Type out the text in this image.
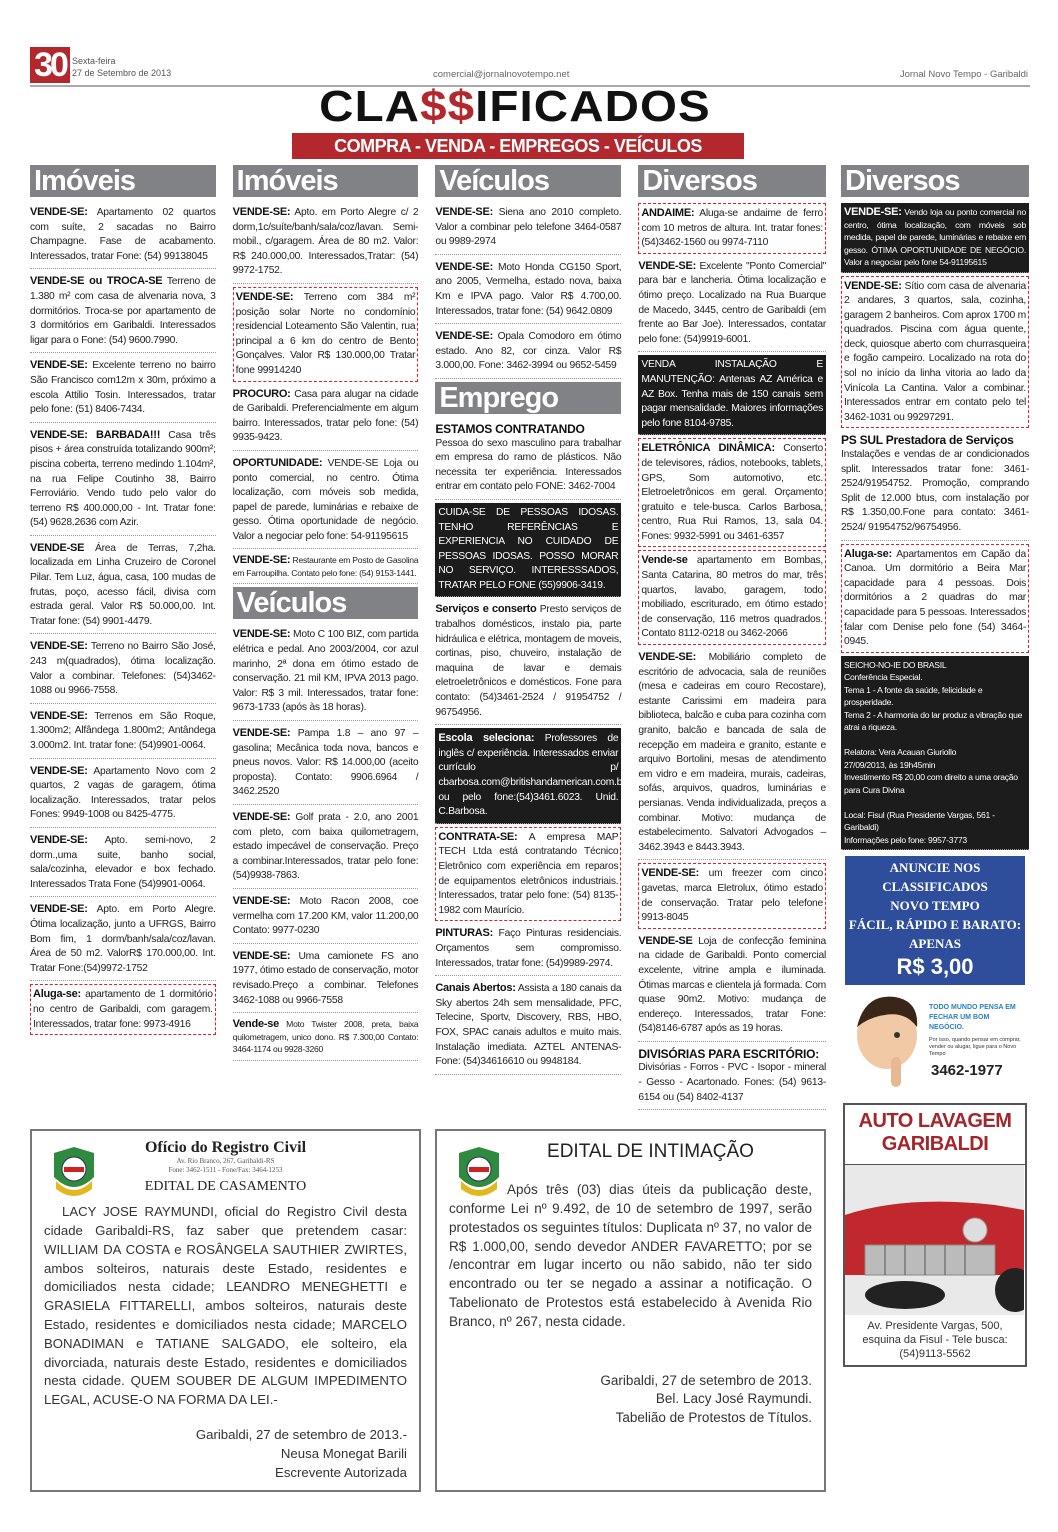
30 Sexta-feira
27 de Setembro de 2013	comercial@jornalnovotempo.net	Jornal Novo Tempo - Garibaldi
CLA$$IFICADOS
COMPRA - VENDA - EMPREGOS - VEÍCULOS
Imóveis
VENDE-SE: Apartamento 02 quartos com suíte, 2 sacadas no Bairro Champagne. Fase de acabamento. Interessados, tratar Fone: (54) 99138045
VENDE-SE ou TROCA-SE Terreno de 1.380 m² com casa de alvenaria nova, 3 dormitórios. Troca-se por apartamento de 3 dormitórios em Garibaldi. Interessados ligar para o Fone: (54) 9600.7990.
VENDE-SE: Excelente terreno no bairro São Francisco com12m x 30m, próximo a escola Attilio Tosin. Interessados, tratar pelo fone: (51) 8406-7434.
VENDE-SE: BARBADA!!! Casa três pisos + área construída totalizando 900m²; piscina coberta, terreno medindo 1.104m², na rua Felipe Coutinho 38, Bairro Ferroviário. Vendo tudo pelo valor do terreno R$ 400.000,00 - Int. Tratar fone: (54) 9628.2636 com Azir.
VENDE-SE Área de Terras, 7,2ha. localizada em Linha Cruzeiro de Coronel Pilar. Tem Luz, água, casa, 100 mudas de frutas, poço, acesso fácil, divisa com estrada geral. Valor R$ 50.000,00. Int. Tratar fone: (54) 9901-4479.
VENDE-SE: Terreno no Bairro São José, 243 m(quadrados), ótima localização. Valor a combinar. Telefones: (54)3462-1088 ou 9966-7558.
VENDE-SE: Terrenos em São Roque, 1.300m2; Alfândega 1.800m2; Antândega 3.000m2. Int. tratar fone: (54)9901-0064.
VENDE-SE: Apartamento Novo com 2 quartos, 2 vagas de garagem, ótima localização. Interessados, tratar pelos Fones: 9949-1008 ou 8425-4775.
VENDE-SE: Apto. semi-novo, 2 dorm.,uma suite, banho social, sala/cozinha, elevador e box fechado. Interessados Trata Fone (54)9901-0064.
VENDE-SE: Apto. em Porto Alegre. Ótima localização, junto a UFRGS, Bairro Bom fim, 1 dorm/banh/sala/coz/lavan. Área de 50 m2. ValorR$ 170.000,00. Int. Tratar Fone:(54)9972-1752
Aluga-se: apartamento de 1 dormitório no centro de Garibaldi, com garagem. Interessados, tratar fone: 9973-4916
Imóveis
VENDE-SE: Apto. em Porto Alegre c/ 2 dorm,1c/suíte/banh/sala/coz/lavan. Semi-mobil., c/garagem. Área de 80 m2. Valor: R$ 240.000,00. Interessados,Tratar: (54) 9972-1752.
VENDE-SE: Terreno com 384 m² posição solar Norte no condomínio residencial Loteamento São Valentin, rua principal a 6 km do centro de Bento Gonçalves. Valor R$ 130.000,00 Tratar fone 99914240
PROCURO: Casa para alugar na cidade de Garibaldi. Preferencialmente em algum bairro. Interessados, tratar pelo fone: (54) 9935-9423.
OPORTUNIDADE: VENDE-SE Loja ou ponto comercial, no centro. Ótima localização, com móveis sob medida, papel de parede, luminárias e rebaixe de gesso. Ótima oportunidade de negócio. Valor a negociar pelo fone: 54-91195615
VENDE-SE: Restaurante em Posto de Gasolina em Farroupilha. Contato pelo fone: (54) 9153-1441.
Veículos
VENDE-SE: Moto C 100 BIZ, com partida elétrica e pedal. Ano 2003/2004, cor azul marinho, 2ª dona em ótimo estado de conservação. 21 mil KM, IPVA 2013 pago. Valor: R$ 3 mil. Interessados, tratar fone: 9673-1733 (após às 18 horas).
VENDE-SE: Pampa 1.8 – ano 97 – gasolina; Mecânica toda nova, bancos e pneus novos. Valor: R$ 14.000,00 (aceito proposta). Contato: 9906.6964 / 3462.2520
VENDE-SE: Golf prata - 2.0, ano 2001 com pleto, com baixa quilometragem, estado impecável de conservação. Preço a combinar.Interessados, tratar pelo fone: (54)9938-7863.
VENDE-SE: Moto Racon 2008, coe vermelha com 17.200 KM, valor 11.200,00 Contato: 9977-0230
VENDE-SE: Uma camionete FS ano 1977, ótimo estado de conservação, motor revisado.Preço a combinar. Telefones 3462-1088 ou 9966-7558
Vende-se Moto Twister 2008, preta, baixa quilometragem, unico dono. R$ 7.300,00 Contato: 3464-1174 ou 9928-3260
Veículos
VENDE-SE: Siena ano 2010 completo. Valor a combinar pelo telefone 3464-0587 ou 9989-2974
VENDE-SE: Moto Honda CG150 Sport, ano 2005, Vermelha, estado nova, baixa Km e IPVA pago. Valor R$ 4.700,00. Interessados, tratar fone: (54) 9642.0809
VENDE-SE: Opala Comodoro em ótimo estado. Ano 82, cor cinza. Valor R$ 3.000,00. Fone: 3462-3994 ou 9652-5459
Emprego
ESTAMOS CONTRATANDO
Pessoa do sexo masculino para trabalhar em empresa do ramo de plásticos. Não necessita ter experiência. Interessados entrar em contato pelo FONE: 3462-7004
CUIDA-SE DE PESSOAS IDOSAS. TENHO REFERÊNCIAS E EXPERIENCIA NO CUIDADO DE PESSOAS IDOSAS. POSSO MORAR NO SERVIÇO. INTERESSSADOS, TRATAR PELO FONE (55)9906-3419.
Serviços e conserto Presto serviços de trabalhos domésticos, instalo pia, parte hidráulica e elétrica, montagem de moveis, cortinas, piso, chuveiro, instalação de maquina de lavar e demais eletroeletrônicos e domésticos. Fone para contato: (54)3461-2524 / 91954752 / 96754956.
Escola seleciona: Professores de inglês c/ experiência. Interessados enviar currículo p/ cbarbosa.com@britishandamerican.com.br ou pelo fone:(54)3461.6023. Unid. C.Barbosa.
CONTRATA-SE: A empresa MAP TECH Ltda está contratando Técnico Eletrônico com experiência em reparos de equipamentos eletrônicos industriais. Interessados, tratar pelo fone: (54) 8135-1982 com Maurício.
PINTURAS: Faço Pinturas residenciais. Orçamentos sem compromisso. Interessados, tratar fone: (54)9989-2974.
Canais Abertos: Assista a 180 canais da Sky abertos 24h sem mensalidade, PFC, Telecine, Sportv, Discovery, RBS, HBO, FOX, SPAC canais adultos e muito mais. Instalação imediata. AZTEL ANTENAS- Fone: (54)34616610 ou 9948184.
Diversos
ANDAIME: Aluga-se andaime de ferro com 10 metros de altura. Int. tratar fones: (54)3462-1560 ou 9974-7110
VENDE-SE: Excelente "Ponto Comercial" para bar e lancheria. Ótima localização e ótimo preço. Localizado na Rua Buarque de Macedo, 3445, centro de Garibaldi (em frente ao Bar Joe). Interessados, contatar pelo fone: (54)9919-6001.
VENDA INSTALAÇÃO E MANUTENÇÃO: Antenas AZ América e AZ Box. Tenha mais de 150 canais sem pagar mensalidade. Maiores informações pelo fone 8104-9785.
ELETRÔNICA DINÂMICA: Conserto de televisores, rádios, notebooks, tablets, GPS, Som automotivo, etc. Eletroeletrônicos em geral. Orçamento gratuito e tele-busca. Carlos Barbosa, centro, Rua Rui Ramos, 13, sala 04. Fones: 9932-5991 ou 3461-6357
Vende-se apartamento em Bombas, Santa Catarina, 80 metros do mar, três quartos, lavabo, garagem, todo mobiliado, escriturado, em ótimo estado de conservação, 116 metros quadrados. Contato 8112-0218 ou 3462-2066
VENDE-SE: Mobiliário completo de escritório de advocacia, sala de reuniões (mesa e cadeiras em couro Recostare), estante Carissimi em madeira para biblioteca, balcão e cuba para cozinha com granito, balcão e bancada de sala de recepção em madeira e granito, estante e arquivo Bortolini, mesas de atendimento em vidro e em madeira, murais, cadeiras, sofás, arquivos, quadros, luminárias e persianas. Venda individualizada, preços a combinar. Motivo: mudança de estabelecimento. Salvatori Advogados – 3462.3943 e 8443.3943.
VENDE-SE: um freezer com cinco gavetas, marca Eletrolux, ótimo estado de conservação. Tratar pelo telefone 9913-8045
VENDE-SE Loja de confecção feminina na cidade de Garibaldi. Ponto comercial excelente, vitrine ampla e iluminada. Ótimas marcas e clientela já formada. Com quase 90m2. Motivo: mudança de endereço. Interessados, tratar Fone: (54)8146-6787 após as 19 horas.
DIVISÓRIAS PARA ESCRITÓRIO:
Divisórias - Forros - PVC - Isopor - mineral - Gesso - Acartonado. Fones: (54) 9613-6154 ou (54) 8402-4137
Ofício do Registro Civil
Av. Rio Branco, 267, Garibaldi-RS
Fone: 3462-1511 - Fone/Fax: 3464-1253
EDITAL DE CASAMENTO
LACY JOSE RAYMUNDI, oficial do Registro Civil desta cidade Garibaldi-RS, faz saber que pretendem casar: WILLIAM DA COSTA e ROSÂNGELA SAUTHIER ZWIRTES, ambos solteiros, naturais deste Estado, residentes e domiciliados nesta cidade; LEANDRO MENEGHETTI e GRASIELA FITTARELLI, ambos solteiros, naturais deste Estado, residentes e domiciliados nesta cidade; MARCELO BONADIMAN e TATIANE SALGADO, ele solteiro, ela divorciada, naturais deste Estado, residentes e domiciliados nesta cidade. QUEM SOUBER DE ALGUM IMPEDIMENTO LEGAL, ACUSE-O NA FORMA DA LEI.-
Garibaldi, 27 de setembro de 2013.-
Neusa Monegat Barili
Escrevente Autorizada
EDITAL DE INTIMAÇÃO
Após três (03) dias úteis da publicação deste, conforme Lei nº 9.492, de 10 de setembro de 1997, serão protestados os seguintes títulos: Duplicata nº 37, no valor de R$ 1.000,00, sendo devedor ANDER FAVARETTO; por se /encontrar em lugar incerto ou não sabido, não ter sido encontrado ou ter se negado a assinar a notificação. O Tabelionato de Protestos está estabelecido à Avenida Rio Branco, nº 267, nesta cidade.
Garibaldi, 27 de setembro de 2013.
Bel. Lacy José Raymundi.
Tabelião de Protestos de Títulos.
Diversos
VENDE-SE: Vendo loja ou ponto comercial no centro, ótima localização, com móveis sob medida, papel de parede, luminárias e rebaixe em gesso. ÓTIMA OPORTUNIDADE DE NEGÓCIO. Valor a negociar pelo fone 54-91195615
VENDE-SE: Sítio com casa de alvenaria 2 andares, 3 quartos, sala, cozinha, garagem 2 banheiros. Com aprox 1700 m quadrados. Piscina com água quente, deck, quiosque aberto com churrasqueira e fogão campeiro. Localizado na rota do sol no início da linha vitoria ao lado da Vinícola La Cantina. Valor a combinar. Interessados entrar em contato pelo tel 3462-1031 ou 99297291.
PS SUL Prestadora de Serviços
Instalações e vendas de ar condicionados split. Interessados tratar fone: 3461-2524/91954752. Promoção, comprando Split de 12.000 btus, com instalação por R$ 1.350,00.Fone para contato: 3461-2524/ 91954752/96754956.
Aluga-se: Apartamentos em Capão da Canoa. Um dormitório a Beira Mar capacidade para 4 pessoas. Dois dormitórios a 2 quadras do mar capacidade para 5 pessoas. Interessados falar com Denise pelo fone (54) 3464-0945.
SEICHO-NO-IE DO BRASIL
Conferência Especial.
Tema 1 - A fonte da saúde, felicidade e prosperidade.
Tema 2 - A harmonia do lar produz a vibração que atrai a riqueza.

Relatora: Vera Acauan Giuriollo
27/09/2013, às 19h45min
Investimento R$ 20,00 com direito a uma oração para Cura Divina

Local: Fisul (Rua Presidente Vargas, 561 - Garibaldi)
Informações pelo fone: 9957-3773
ANUNCIE NOS
CLASSIFICADOS
NOVO TEMPO
FÁCIL, RÁPIDO E BARATO:
APENAS
R$ 3,00
TODO MUNDO PENSA EM FECHAR UM BOM NEGÓCIO.
Por isso, quando pensar em comprar, vender ou alugar, ligue para o Novo Tempo
3462-1977
AUTO LAVAGEM
GARIBALDI
Av. Presidente Vargas, 500, esquina da Fisul - Tele busca: (54)9113-5562
